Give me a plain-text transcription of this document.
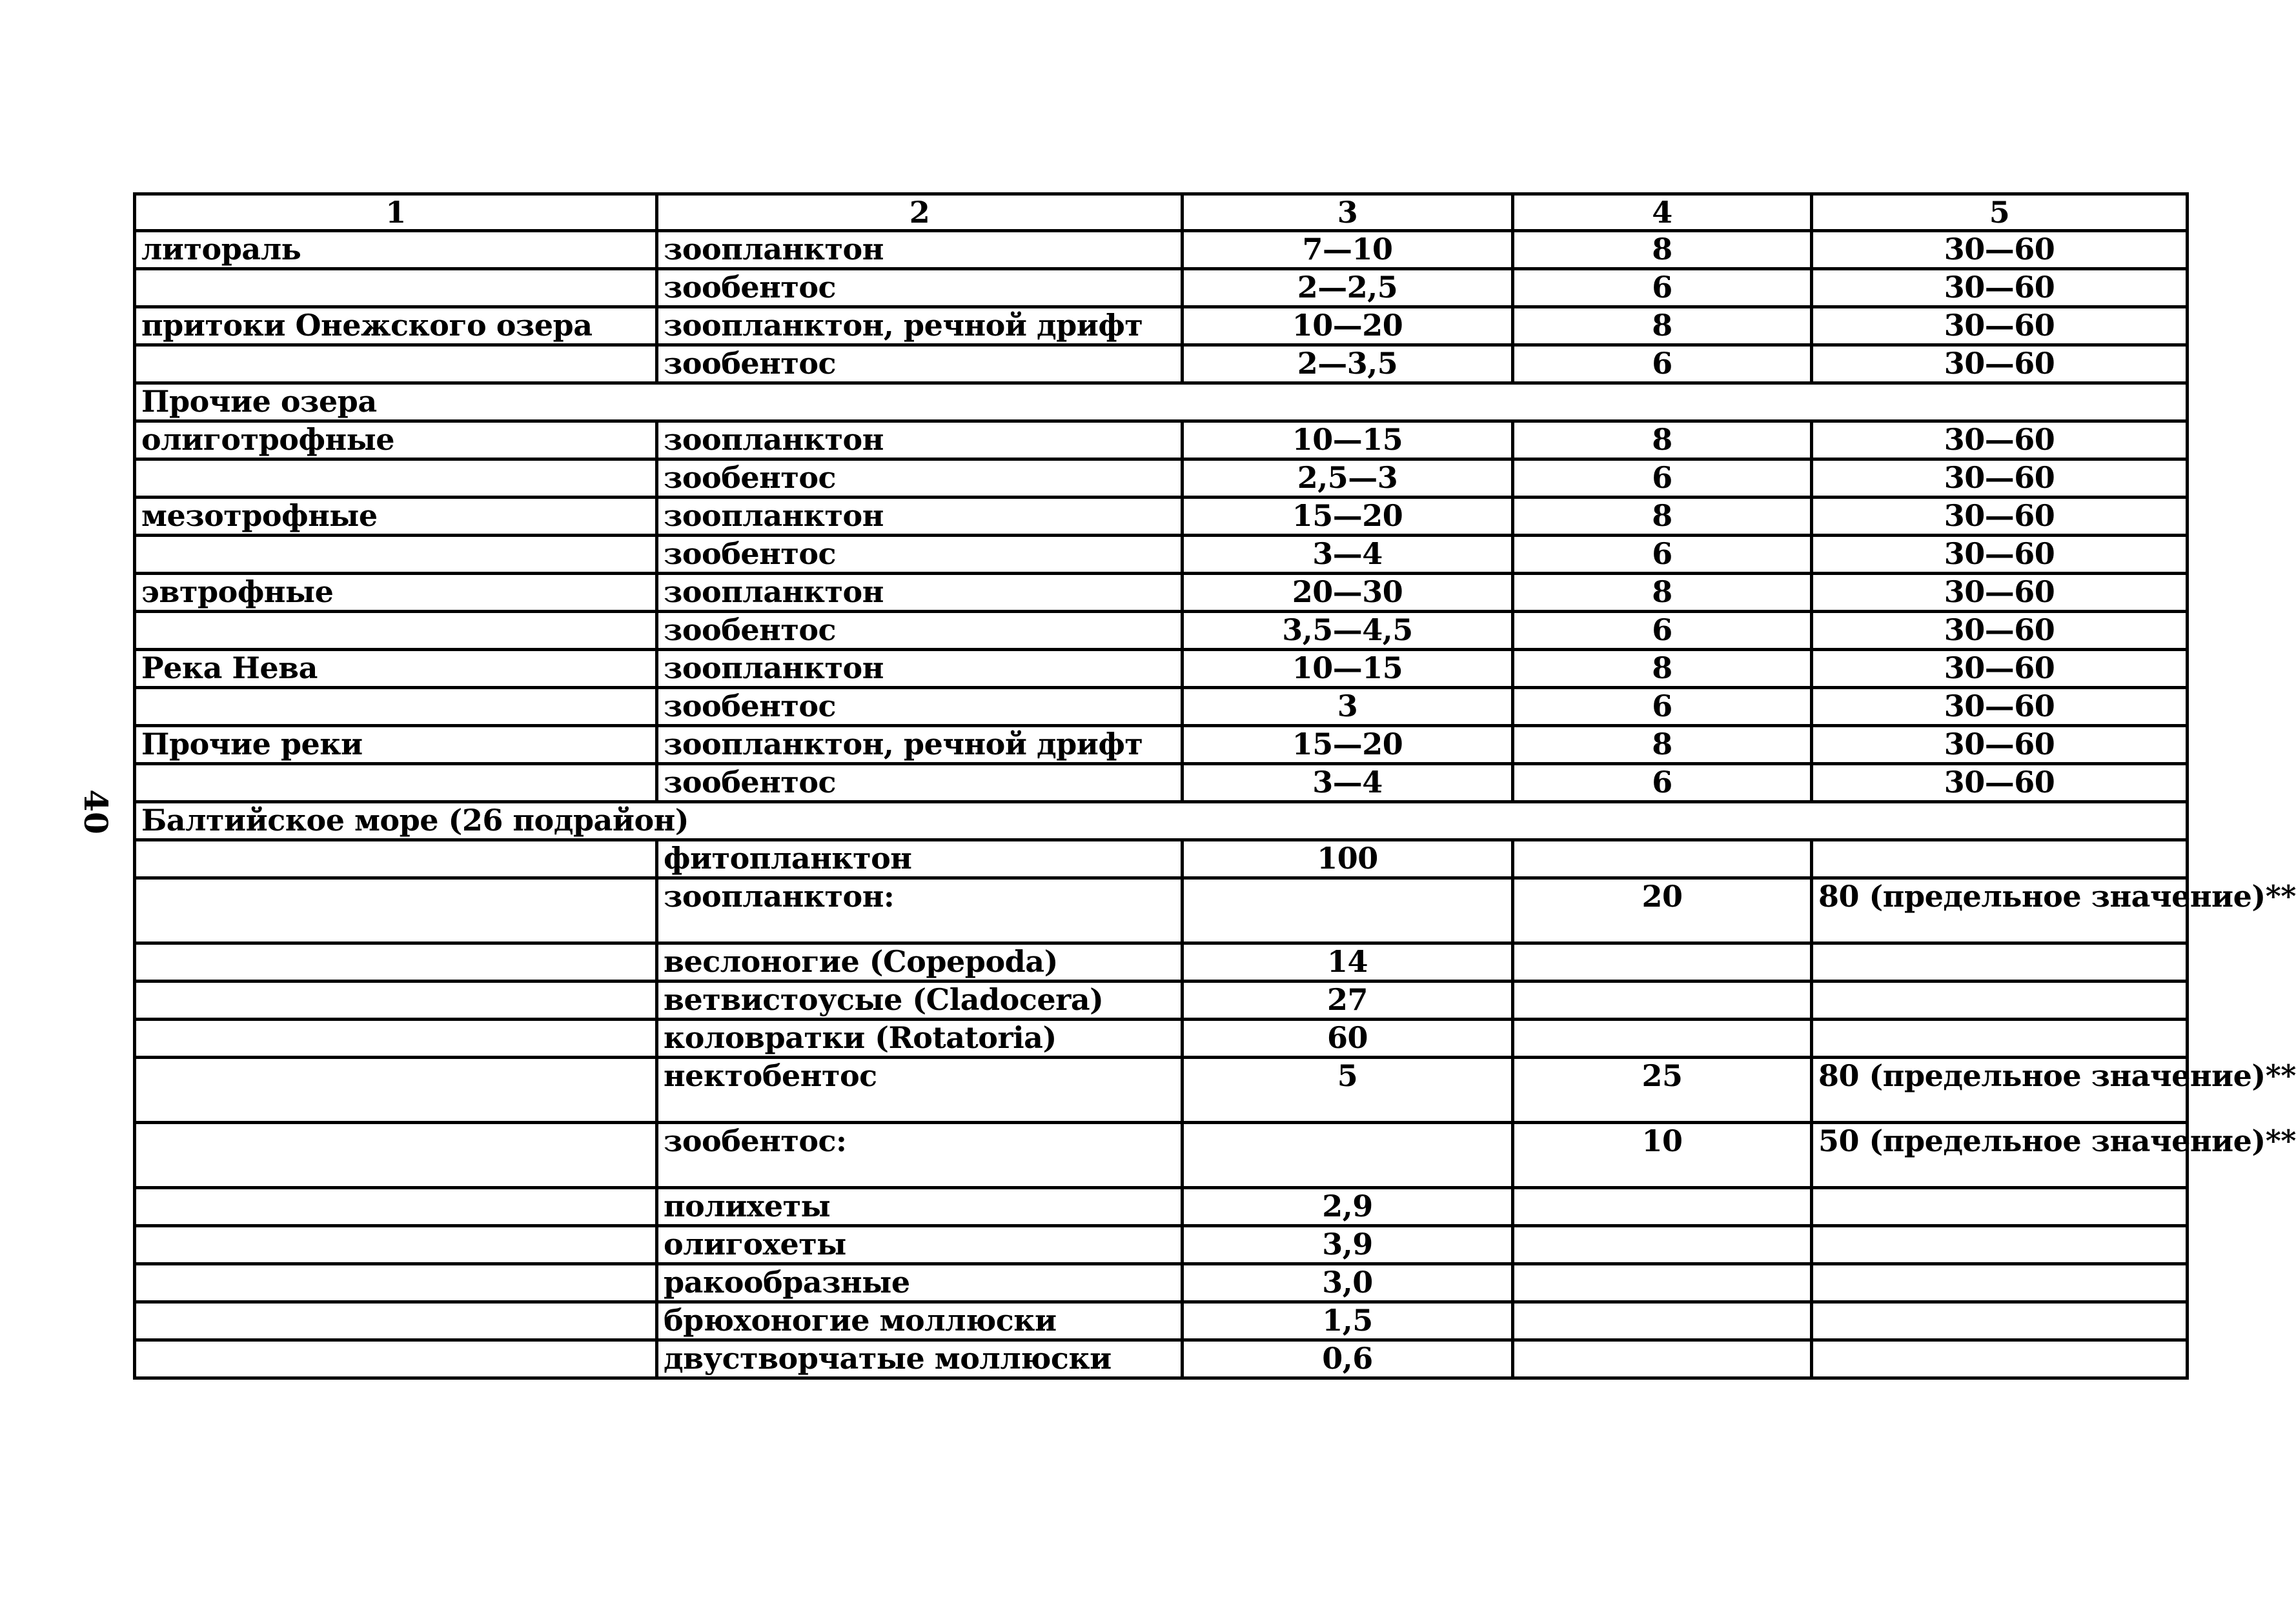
40
1	2	3	4	5
литораль	зоопланктон	7—10	8	30—60
	зообентос	2—2,5	6	30—60
притоки Онежского озера	зоопланктон, речной дрифт	10—20	8	30—60
	зообентос	2—3,5	6	30—60
Прочие озера				
олиготрофные	зоопланктон	10—15	8	30—60
	зообентос	2,5—3	6	30—60
мезотрофные	зоопланктон	15—20	8	30—60
	зообентос	3—4	6	30—60
эвтрофные	зоопланктон	20—30	8	30—60
	зообентос	3,5—4,5	6	30—60
Река Нева	зоопланктон	10—15	8	30—60
	зообентос	3	6	30—60
Прочие реки	зоопланктон, речной дрифт	15—20	8	30—60
	зообентос	3—4	6	30—60
Балтийское море (26 подрайон)				
	фитопланктон	100		
	зоопланктон:		20	80 (предельное значение)**
	веслоногие (Copepoda)	14		
	ветвистоусые (Cladocera)	27		
	коловратки (Rotatoria)	60		
	нектобентос	5	25	80 (предельное значение)**
	зообентос:		10	50 (предельное значение)**
	полихеты	2,9		
	олигохеты	3,9		
	ракообразные	3,0		
	брюхоногие моллюски	1,5		
	двустворчатые моллюски	0,6		
